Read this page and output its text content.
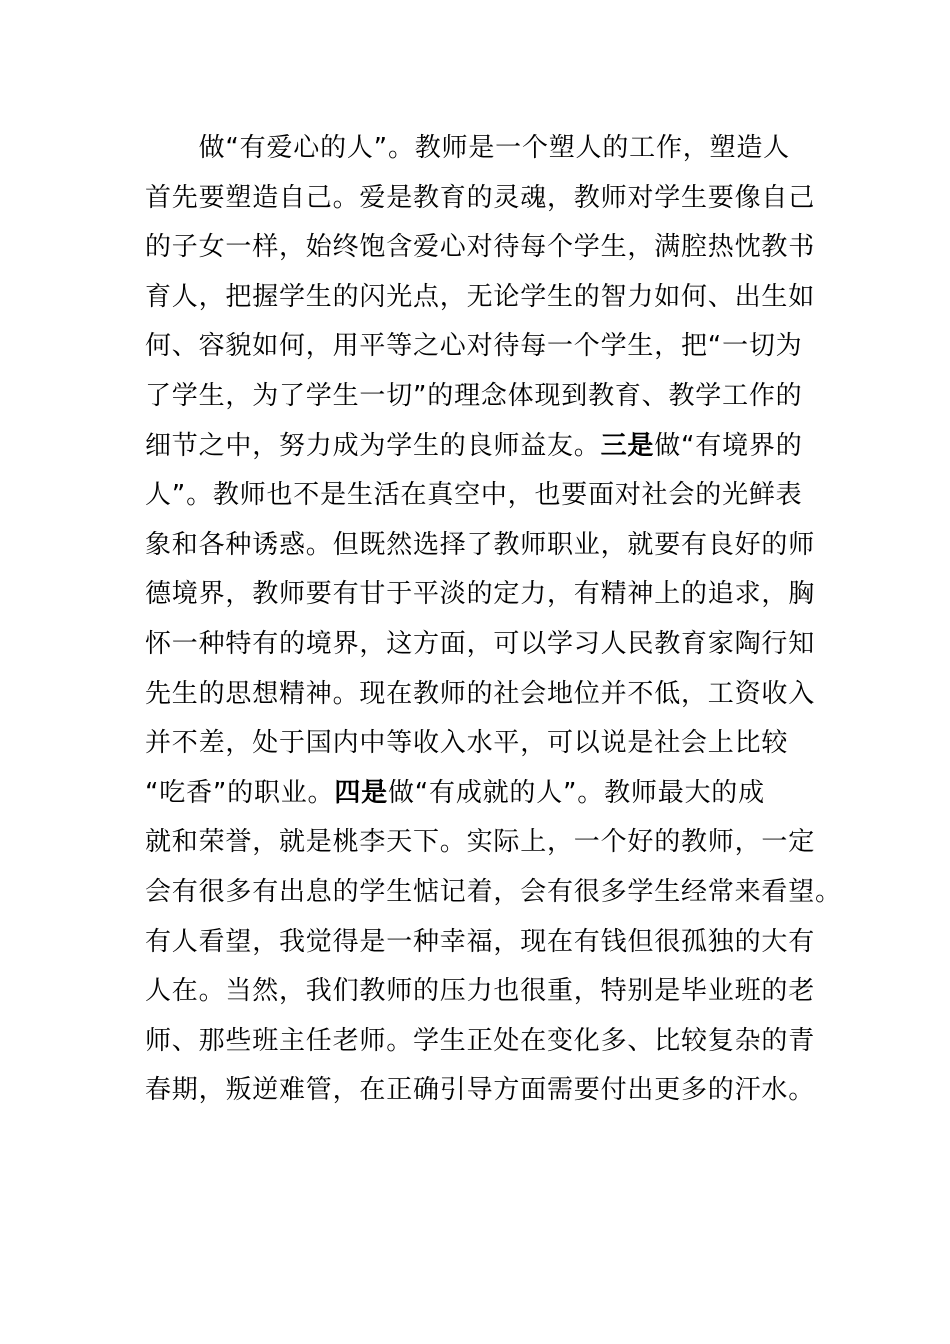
　　做“有爱心的人”。教师是一个塑人的工作，塑造人
首先要塑造自己。爱是教育的灵魂，教师对学生要像自己
的子女一样，始终饱含爱心对待每个学生，满腔热忱教书
育人，把握学生的闪光点，无论学生的智力如何、出生如
何、容貌如何，用平等之心对待每一个学生，把“一切为
了学生，为了学生一切”的理念体现到教育、教学工作的
细节之中，努力成为学生的良师益友。三是做“有境界的
人”。教师也不是生活在真空中，也要面对社会的光鲜表
象和各种诱惑。但既然选择了教师职业，就要有良好的师
德境界，教师要有甘于平淡的定力，有精神上的追求，胸
怀一种特有的境界，这方面，可以学习人民教育家陶行知
先生的思想精神。现在教师的社会地位并不低，工资收入
并不差，处于国内中等收入水平，可以说是社会上比较
“吃香”的职业。四是做“有成就的人”。教师最大的成
就和荣誉，就是桃李天下。实际上，一个好的教师，一定
会有很多有出息的学生惦记着，会有很多学生经常来看望。
有人看望，我觉得是一种幸福，现在有钱但很孤独的大有
人在。当然，我们教师的压力也很重，特别是毕业班的老
师、那些班主任老师。学生正处在变化多、比较复杂的青
春期，叛逆难管，在正确引导方面需要付出更多的汗水。
